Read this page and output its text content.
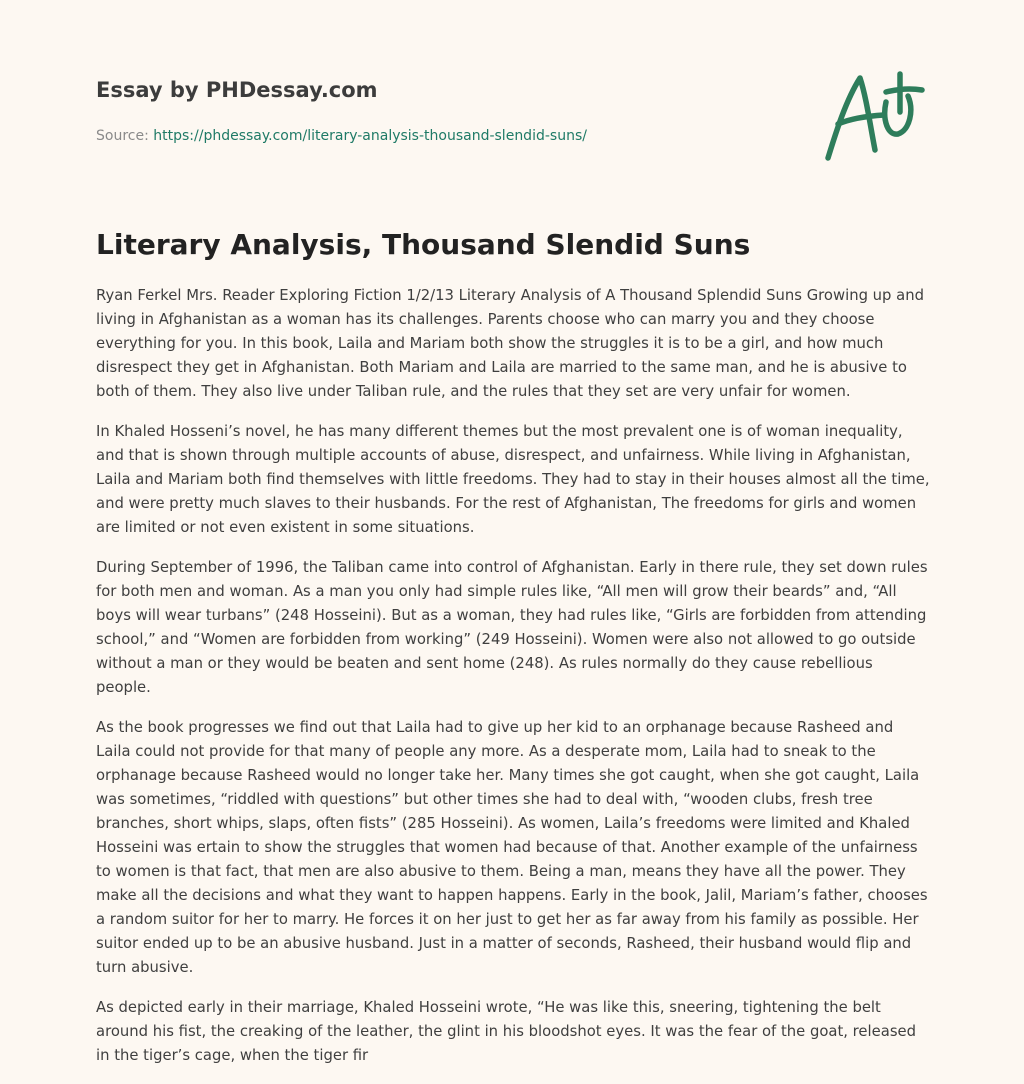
Essay by PHDessay.com
Source: https://phdessay.com/literary-analysis-thousand-slendid-suns/
Literary Analysis, Thousand Slendid Suns

Ryan Ferkel Mrs. Reader Exploring Fiction 1/2/13 Literary Analysis of A Thousand Splendid Suns Growing up and living in Afghanistan as a woman has its challenges. Parents choose who can marry you and they choose everything for you. In this book, Laila and Mariam both show the struggles it is to be a girl, and how much disrespect they get in Afghanistan. Both Mariam and Laila are married to the same man, and he is abusive to both of them. They also live under Taliban rule, and the rules that they set are very unfair for women.

In Khaled Hosseni’s novel, he has many different themes but the most prevalent one is of woman inequality, and that is shown through multiple accounts of abuse, disrespect, and unfairness. While living in Afghanistan, Laila and Mariam both find themselves with little freedoms. They had to stay in their houses almost all the time, and were pretty much slaves to their husbands. For the rest of Afghanistan, The freedoms for girls and women are limited or not even existent in some situations.

During September of 1996, the Taliban came into control of Afghanistan. Early in there rule, they set down rules for both men and woman. As a man you only had simple rules like, “All men will grow their beards” and, “All boys will wear turbans” (248 Hosseini). But as a woman, they had rules like, “Girls are forbidden from attending school,” and “Women are forbidden from working” (249 Hosseini). Women were also not allowed to go outside without a man or they would be beaten and sent home (248). As rules normally do they cause rebellious people.

As the book progresses we find out that Laila had to give up her kid to an orphanage because Rasheed and Laila could not provide for that many of people any more. As a desperate mom, Laila had to sneak to the orphanage because Rasheed would no longer take her. Many times she got caught, when she got caught, Laila was sometimes, “riddled with questions” but other times she had to deal with, “wooden clubs, fresh tree branches, short whips, slaps, often fists” (285 Hosseini). As women, Laila’s freedoms were limited and Khaled Hosseini was ertain to show the struggles that women had because of that. Another example of the unfairness to women is that fact, that men are also abusive to them. Being a man, means they have all the power. They make all the decisions and what they want to happen happens. Early in the book, Jalil, Mariam’s father, chooses a random suitor for her to marry. He forces it on her just to get her as far away from his family as possible. Her suitor ended up to be an abusive husband. Just in a matter of seconds, Rasheed, their husband would flip and turn abusive.

As depicted early in their marriage, Khaled Hosseini wrote, “He was like this, sneering, tightening the belt around his fist, the creaking of the leather, the glint in his bloodshot eyes. It was the fear of the goat, released in the tiger’s cage, when the tiger fir
